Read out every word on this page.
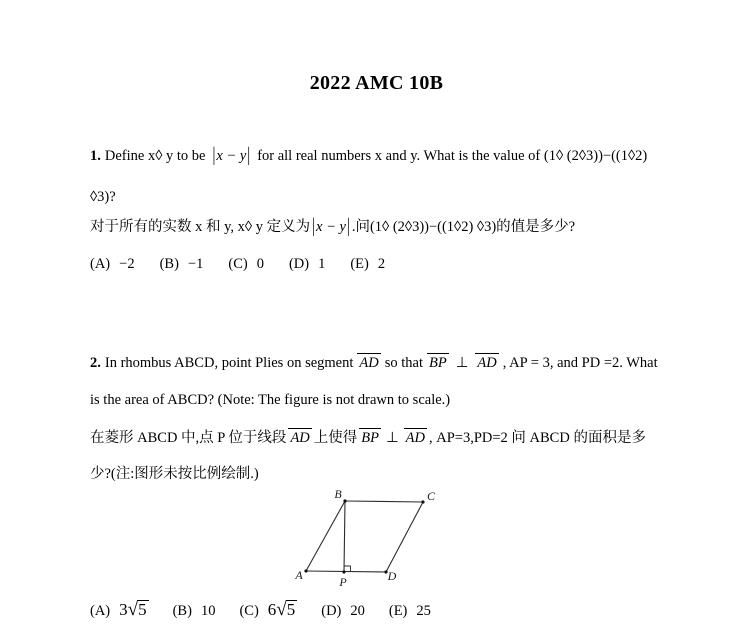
2022 AMC 10B
1. Define x◊ y to be |x − y| for all real numbers x and y. What is the value of (1◊ (2◊3))−((1◊2)
◊3)?
对于所有的实数 x 和 y, x◊ y 定义为 |x − y| .问(1◊ (2◊3))−((1◊2) ◊3)的值是多少?
(A) −2 (B) −1 (C) 0 (D) 1 (E) 2
2. In rhombus ABCD, point Plies on segment AD so that BP ⊥ AD , AP = 3, and PD =2. What
is the area of ABCD? (Note: The figure is not drawn to scale.)
在菱形 ABCD 中,点 P 位于线段 AD 上使得 BP ⊥ AD , AP=3,PD=2 问 ABCD 的面积是多
少?(注:图形未按比例绘制.)
B	C
A	P	D
(A) 3√5 (B) 10 (C) 6√5 (D) 20 (E) 25
